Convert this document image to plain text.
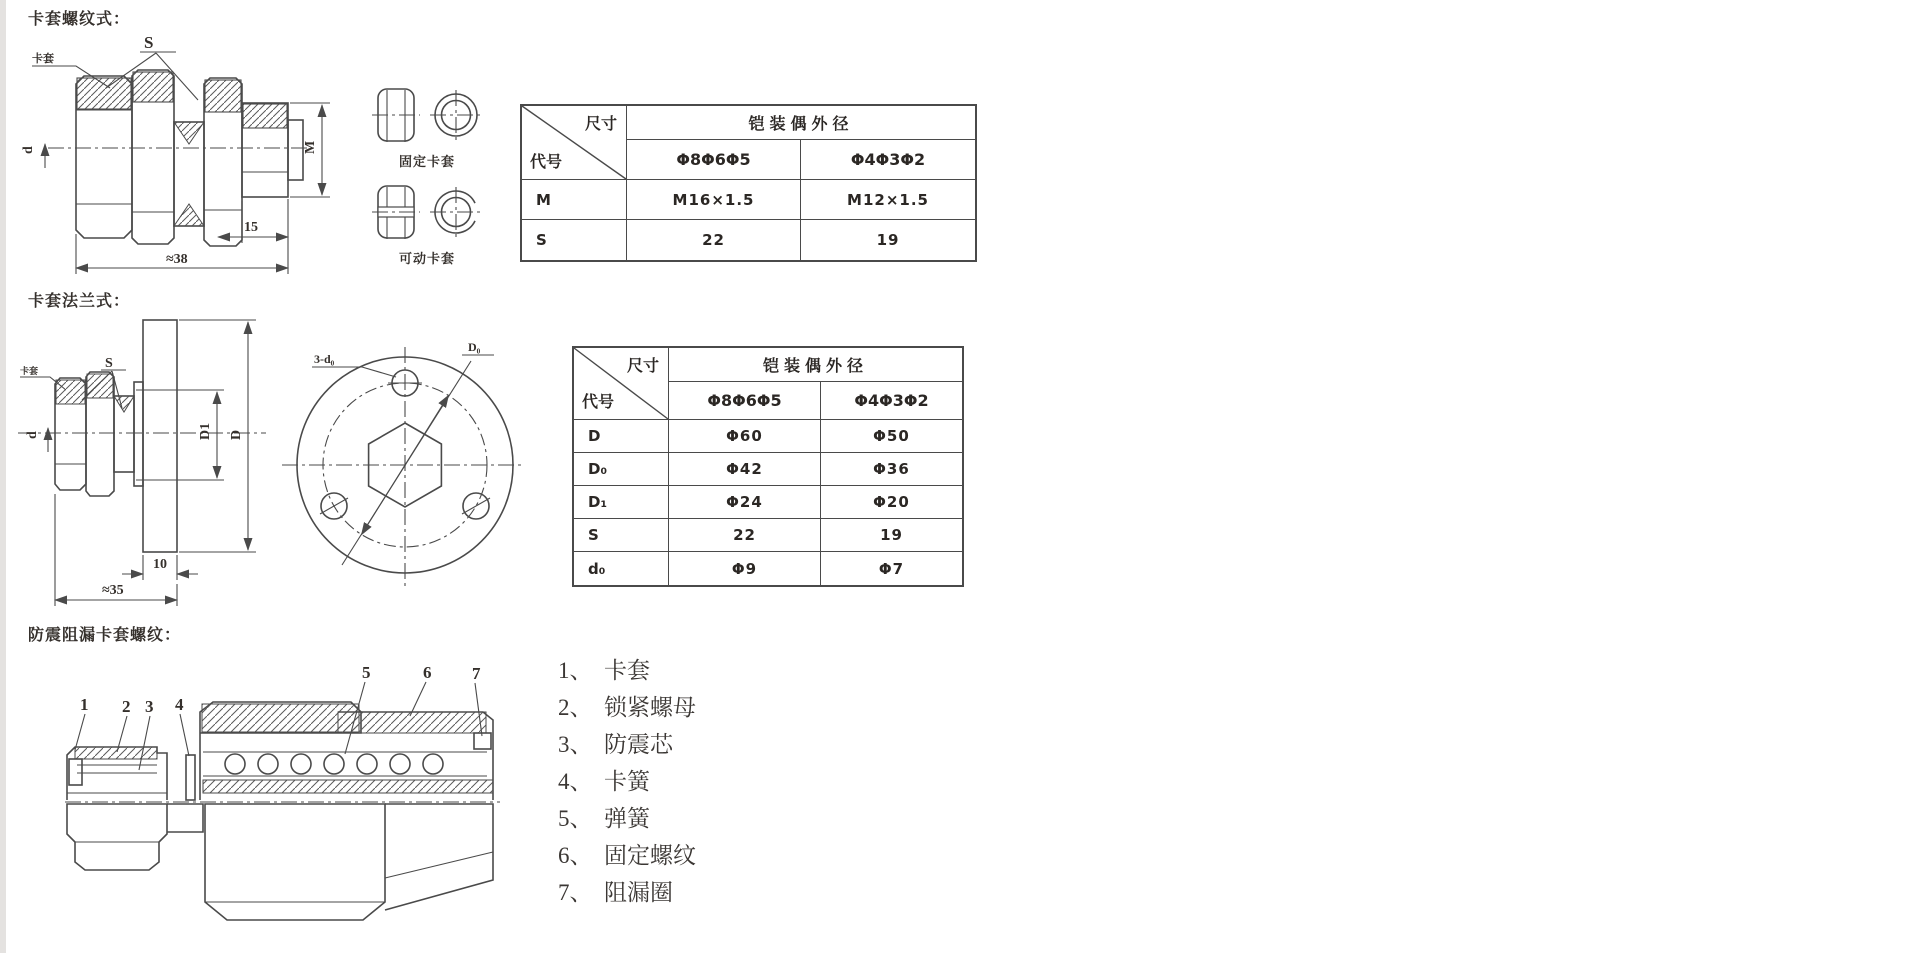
卡套螺纹式：
d	M
15
≈38
卡套
S
固定卡套
可动卡套
尺寸
代号
铠装偶外径
Φ8 Φ6 Φ5	Φ4 Φ3 Φ2
M	M16×1.5	M12×1.5
S	22	19
卡套法兰式：
d	D1 D
10
≈35
卡套	S	3-d₀
D₀
尺寸
代号
铠装偶外径
Φ8 Φ6 Φ5	Φ4 Φ3 Φ2
D	Φ60	Φ50
D₀	Φ42	Φ36
D₁	Φ24	Φ20
S	22	19
d₀	Φ9	Φ7
防震阻漏卡套螺纹：
1 2 3 4
5	6 7	1、 卡套
2、 锁紧螺母
3、 防震芯
4、 卡簧
5、 弹簧
6、 固定螺纹
7、 阻漏圈
